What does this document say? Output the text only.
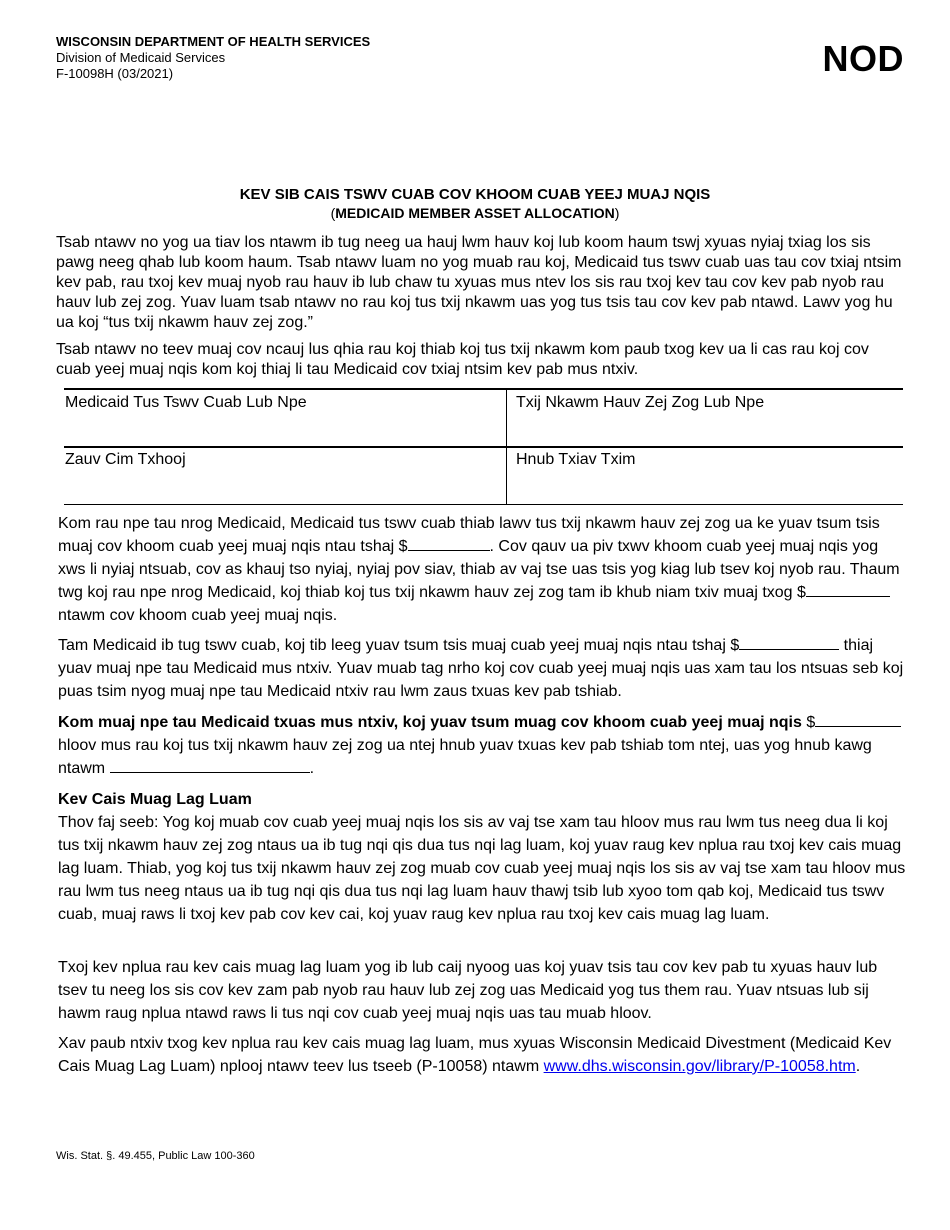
WISCONSIN DEPARTMENT OF HEALTH SERVICES
Division of Medicaid Services
F-10098H (03/2021)	NOD
KEV SIB CAIS TSWV CUAB COV KHOOM CUAB YEEJ MUAJ NQIS
(MEDICAID MEMBER ASSET ALLOCATION)
Tsab ntawv no yog ua tiav los ntawm ib tug neeg ua hauj lwm hauv koj lub koom haum tswj xyuas nyiaj txiag los sis pawg neeg qhab lub koom haum. Tsab ntawv luam no yog muab rau koj, Medicaid tus tswv cuab uas tau cov txiaj ntsim kev pab, rau txoj kev muaj nyob rau hauv ib lub chaw tu xyuas mus ntev los sis rau txoj kev tau cov kev pab nyob rau hauv lub zej zog. Yuav luam tsab ntawv no rau koj tus txij nkawm uas yog tus tsis tau cov kev pab ntawd. Lawv yog hu ua koj “tus txij nkawm hauv zej zog.”
Tsab ntawv no teev muaj cov ncauj lus qhia rau koj thiab koj tus txij nkawm kom paub txog kev ua li cas rau koj cov cuab yeej muaj nqis kom koj thiaj li tau Medicaid cov txiaj ntsim kev pab mus ntxiv.
Medicaid Tus Tswv Cuab Lub Npe	Txij Nkawm Hauv Zej Zog Lub Npe
Zauv Cim Txhooj	Hnub Txiav Txim
Kom rau npe tau nrog Medicaid, Medicaid tus tswv cuab thiab lawv tus txij nkawm hauv zej zog ua ke yuav tsum tsis muaj cov khoom cuab yeej muaj nqis ntau tshaj $	. Cov qauv ua piv txwv khoom cuab yeej muaj nqis yog xws li nyiaj ntsuab, cov as khauj tso nyiaj, nyiaj pov siav, thiab av vaj tse uas tsis yog kiag lub tsev koj nyob rau. Thaum twg koj rau npe nrog Medicaid, koj thiab koj tus txij nkawm hauv zej zog tam ib khub niam txiv muaj txog $ ntawm cov khoom cuab yeej muaj nqis.
Tam Medicaid ib tug tswv cuab, koj tib leeg yuav tsum tsis muaj cuab yeej muaj nqis ntau tshaj $	thiaj yuav muaj npe tau Medicaid mus ntxiv. Yuav muab tag nrho koj cov cuab yeej muaj nqis uas xam tau los ntsuas seb koj puas tsim nyog muaj npe tau Medicaid ntxiv rau lwm zaus txuas kev pab tshiab.
Kom muaj npe tau Medicaid txuas mus ntxiv, koj yuav tsum muag cov khoom cuab yeej muaj nqis $ hloov mus rau koj tus txij nkawm hauv zej zog ua ntej hnub yuav txuas kev pab tshiab tom ntej, uas yog hnub kawg ntawm	.
Kev Cais Muag Lag Luam
Thov faj seeb: Yog koj muab cov cuab yeej muaj nqis los sis av vaj tse xam tau hloov mus rau lwm tus neeg dua li koj tus txij nkawm hauv zej zog ntaus ua ib tug nqi qis dua tus nqi lag luam, koj yuav raug kev nplua rau txoj kev cais muag lag luam. Thiab, yog koj tus txij nkawm hauv zej zog muab cov cuab yeej muaj nqis los sis av vaj tse xam tau hloov mus rau lwm tus neeg ntaus ua ib tug nqi qis dua tus nqi lag luam hauv thawj tsib lub xyoo tom qab koj, Medicaid tus tswv cuab, muaj raws li txoj kev pab cov kev cai, koj yuav raug kev nplua rau txoj kev cais muag lag luam.
Txoj kev nplua rau kev cais muag lag luam yog ib lub caij nyoog uas koj yuav tsis tau cov kev pab tu xyuas hauv lub tsev tu neeg los sis cov kev zam pab nyob rau hauv lub zej zog uas Medicaid yog tus them rau. Yuav ntsuas lub sij hawm raug nplua ntawd raws li tus nqi cov cuab yeej muaj nqis uas tau muab hloov.
Xav paub ntxiv txog kev nplua rau kev cais muag lag luam, mus xyuas Wisconsin Medicaid Divestment (Medicaid Kev Cais Muag Lag Luam) nplooj ntawv teev lus tseeb (P-10058) ntawm www.dhs.wisconsin.gov/library/P-10058.htm.
Wis. Stat. §. 49.455, Public Law 100-360
